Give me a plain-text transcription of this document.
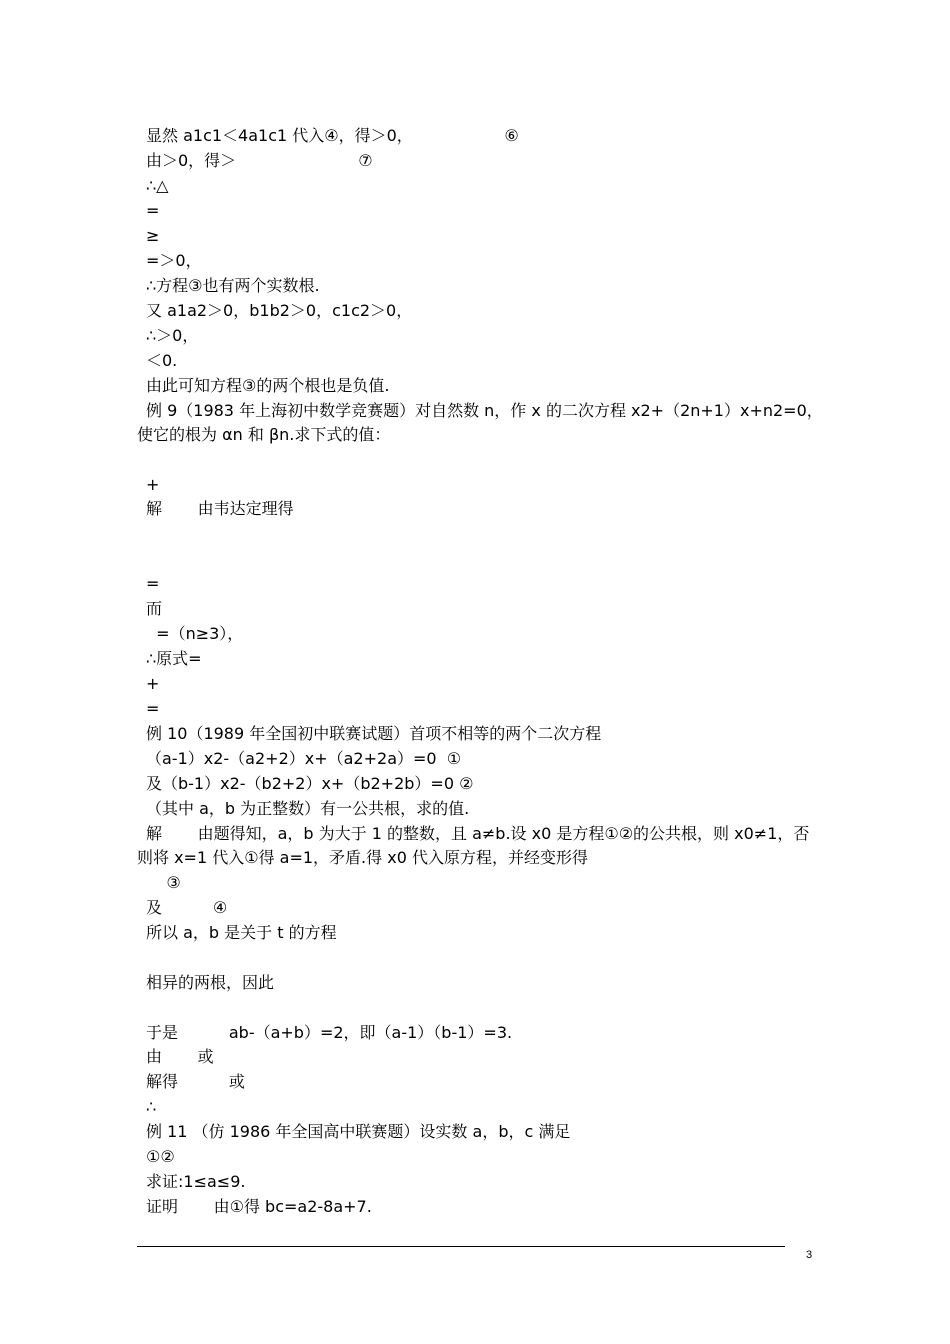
显然 a1c1＜4a1c1 代入④，得＞0，                  ⑥
由＞0，得＞                        ⑦
∴△
=
≥
=＞0，
∴方程③也有两个实数根.
又 a1a2＞0，b1b2＞0，c1c2＞0，
∴＞0，
＜0.
由此可知方程③的两个根也是负值.
例 9（1983 年上海初中数学竞赛题）对自然数 n，作 x 的二次方程 x2+（2n+1）x+n2=0，
使它的根为 αn 和 βn.求下式的值：
+
解       由韦达定理得
=
而
=（n≥3），
∴原式=
+
=
例 10（1989 年全国初中联赛试题）首项不相等的两个二次方程
（a-1）x2-（a2+2）x+（a2+2a）=0  ①
及（b-1）x2-（b2+2）x+（b2+2b）=0 ②
（其中 a，b 为正整数）有一公共根，求的值.
解       由题得知，a，b 为大于 1 的整数，且 a≠b.设 x0 是方程①②的公共根，则 x0≠1，否
则将 x=1 代入①得 a=1，矛盾.得 x0 代入原方程，并经变形得
③
及          ④
所以 a，b 是关于 t 的方程
相异的两根，因此
于是          ab-（a+b）=2，即（a-1）（b-1）=3.
由       或
解得          或
∴
例 11 （仿 1986 年全国高中联赛题）设实数 a，b，c 满足
①②
求证:1≤a≤9.
证明       由①得 bc=a2-8a+7.
3
